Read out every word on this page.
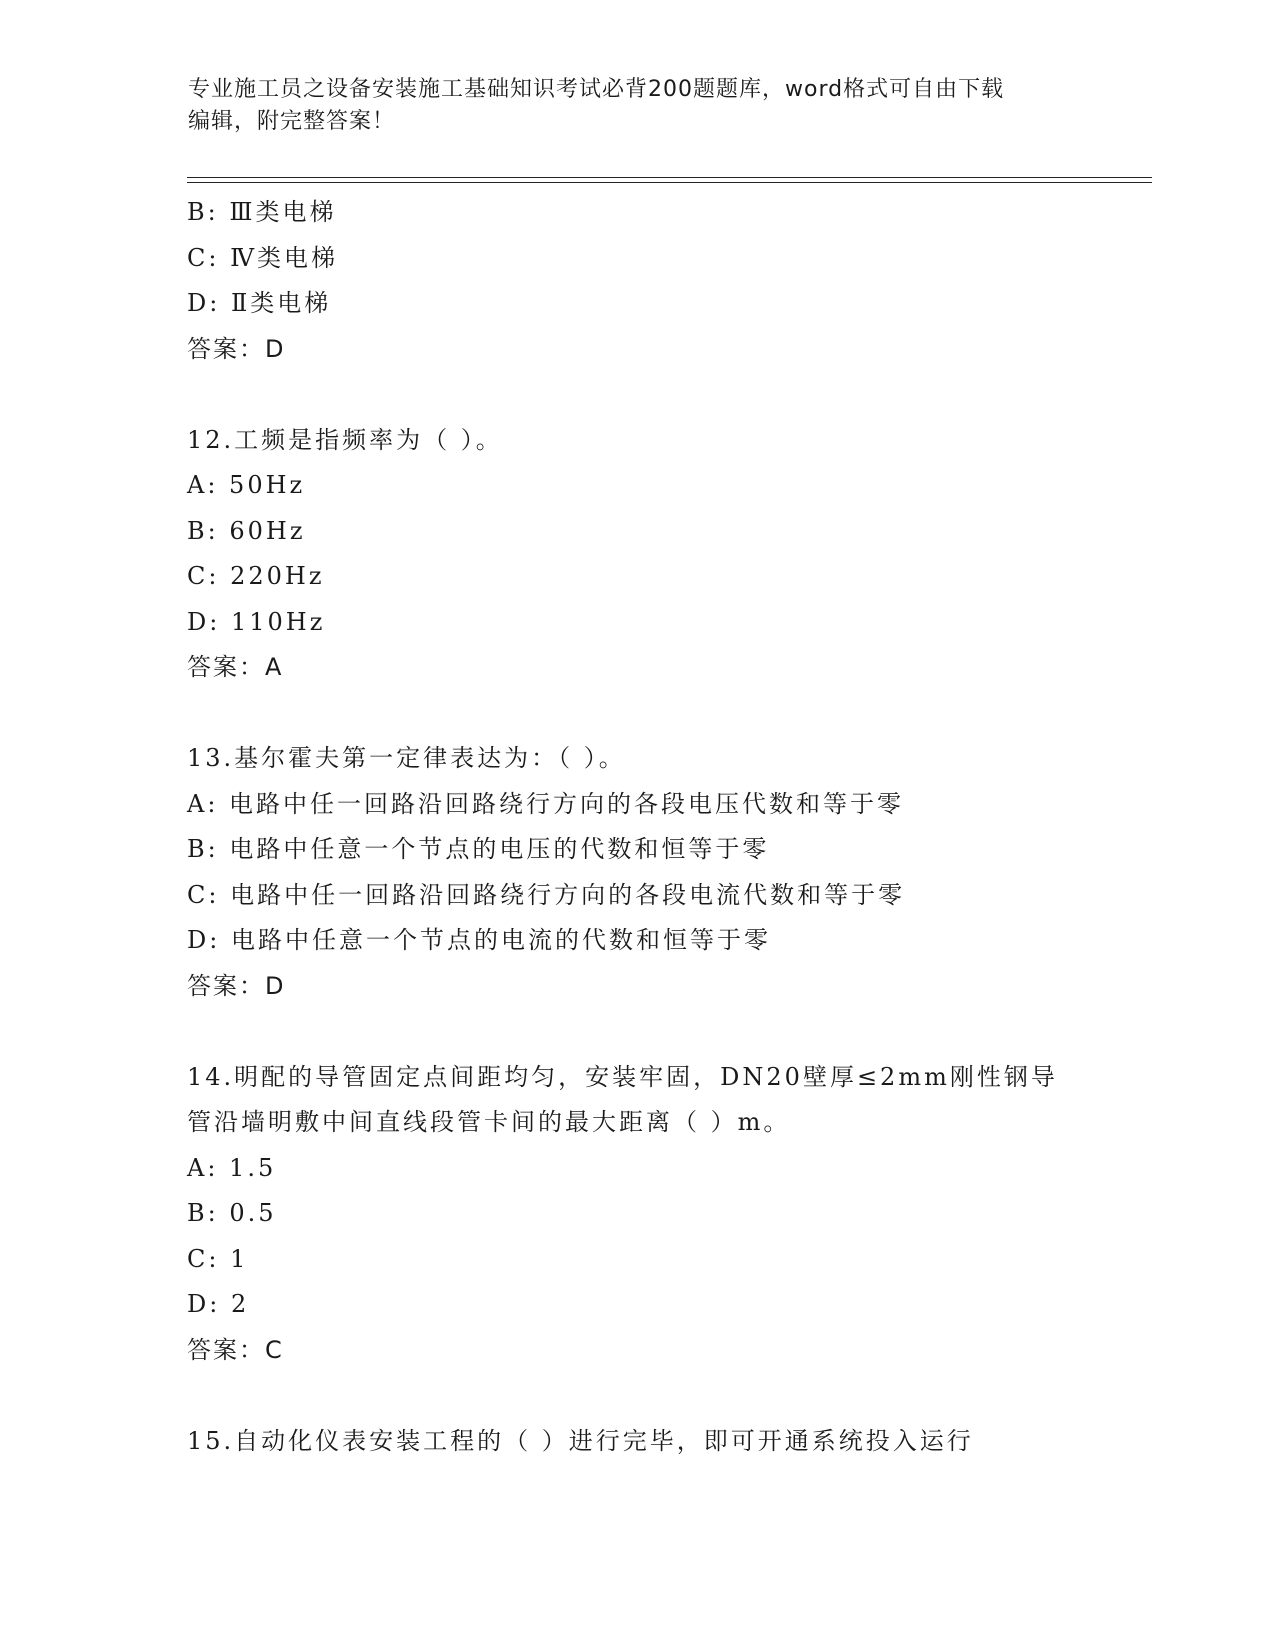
专业施工员之设备安装施工基础知识考试必背200题题库，word格式可自由下载
编辑，附完整答案！
B: Ⅲ类电梯
C: Ⅳ类电梯
D: Ⅱ类电梯
答案：D
12.工频是指频率为（ ）。
A: 50Hz
B: 60Hz
C: 220Hz
D: 110Hz
答案：A
13.基尔霍夫第一定律表达为：（ ）。
A: 电路中任一回路沿回路绕行方向的各段电压代数和等于零
B: 电路中任意一个节点的电压的代数和恒等于零
C: 电路中任一回路沿回路绕行方向的各段电流代数和等于零
D: 电路中任意一个节点的电流的代数和恒等于零
答案：D
14.明配的导管固定点间距均匀，安装牢固，DN20壁厚≤2mm刚性钢导
管沿墙明敷中间直线段管卡间的最大距离（ ）m。
A: 1.5
B: 0.5
C: 1
D: 2
答案：C
15.自动化仪表安装工程的（ ）进行完毕，即可开通系统投入运行
